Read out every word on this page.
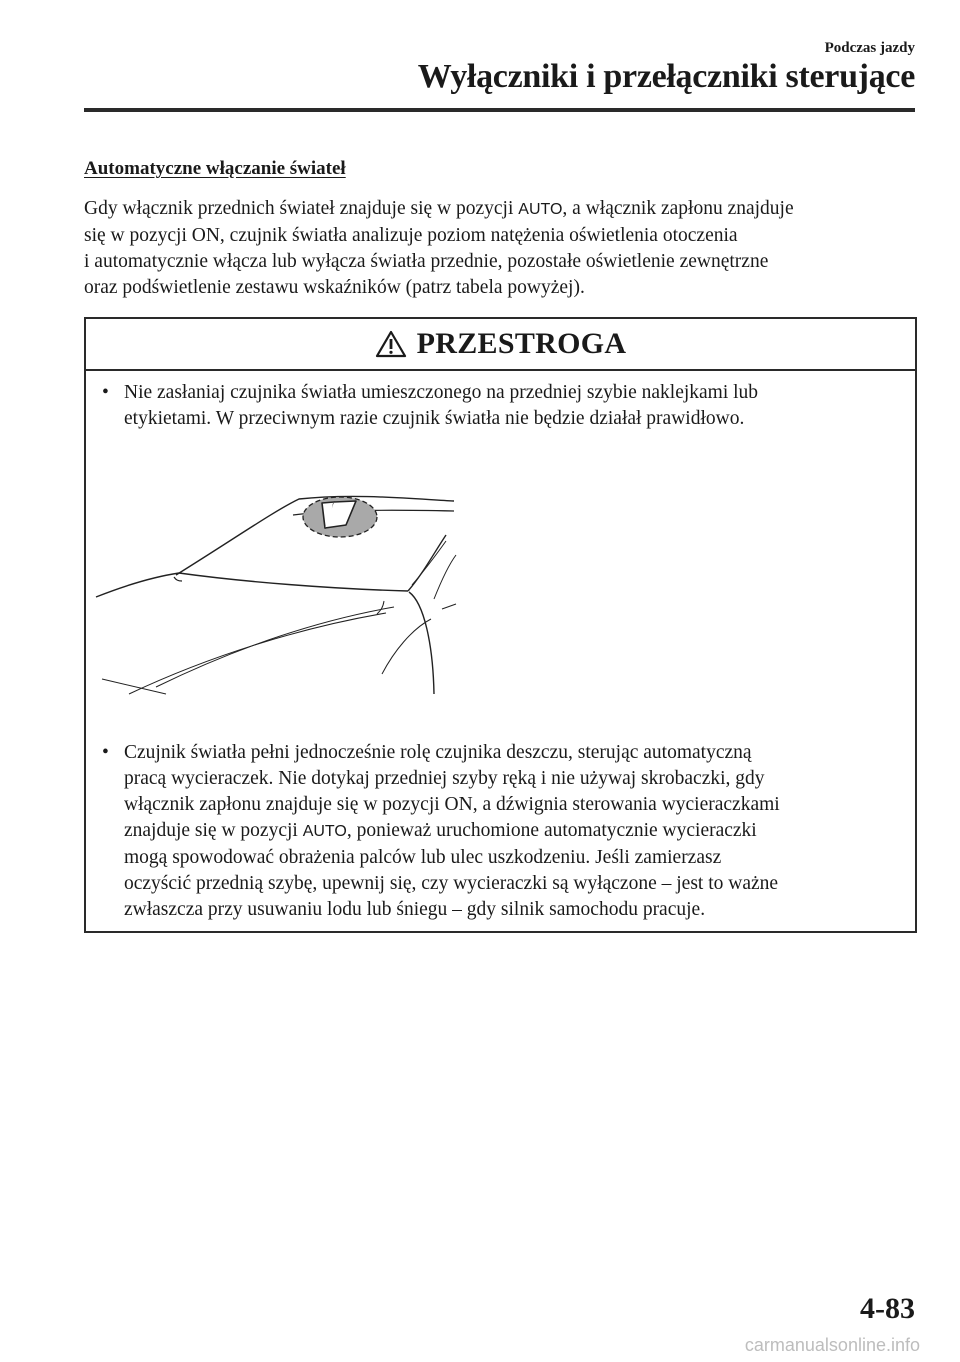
Podczas jazdy
Wyłączniki i przełączniki sterujące
Automatyczne włączanie świateł
Gdy włącznik przednich świateł znajduje się w pozycji AUTO, a włącznik zapłonu znajduje
się w pozycji ON, czujnik światła analizuje poziom natężenia oświetlenia otoczenia
i automatycznie włącza lub wyłącza światła przednie, pozostałe oświetlenie zewnętrzne
oraz podświetlenie zestawu wskaźników (patrz tabela powyżej).
PRZESTROGA
• Nie zasłaniaj czujnika światła umieszczonego na przedniej szybie naklejkami lub
etykietami. W przeciwnym razie czujnik światła nie będzie działał prawidłowo.
• Czujnik światła pełni jednocześnie rolę czujnika deszczu, sterując automatyczną
pracą wycieraczek. Nie dotykaj przedniej szyby ręką i nie używaj skrobaczki, gdy
włącznik zapłonu znajduje się w pozycji ON, a dźwignia sterowania wycieraczkami
znajduje się w pozycji AUTO, ponieważ uruchomione automatycznie wycieraczki
mogą spowodować obrażenia palców lub ulec uszkodzeniu. Jeśli zamierzasz
oczyścić przednią szybę, upewnij się, czy wycieraczki są wyłączone – jest to ważne
zwłaszcza przy usuwaniu lodu lub śniegu – gdy silnik samochodu pracuje.
4-83
carmanualsonline.info
